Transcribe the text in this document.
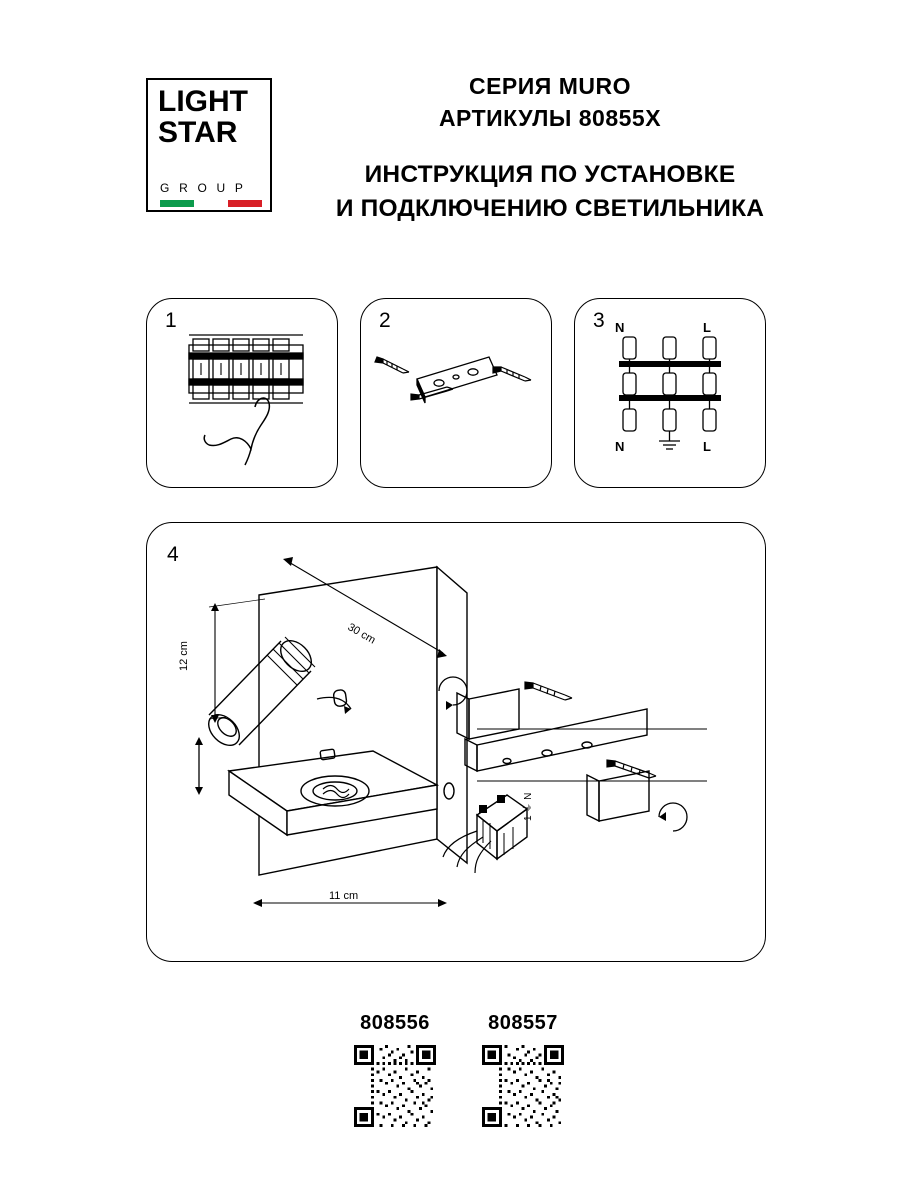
LIGHT
STAR
G R O U P
СЕРИЯ MURO
АРТИКУЛЫ 80855X
ИНСТРУКЦИЯ ПО УСТАНОВКЕ
И ПОДКЛЮЧЕНИЮ СВЕТИЛЬНИКА
1	2	3 N	L
N	L
4
12 cm
30 cm
11 cm
1 ⏚ N
808556	808557
